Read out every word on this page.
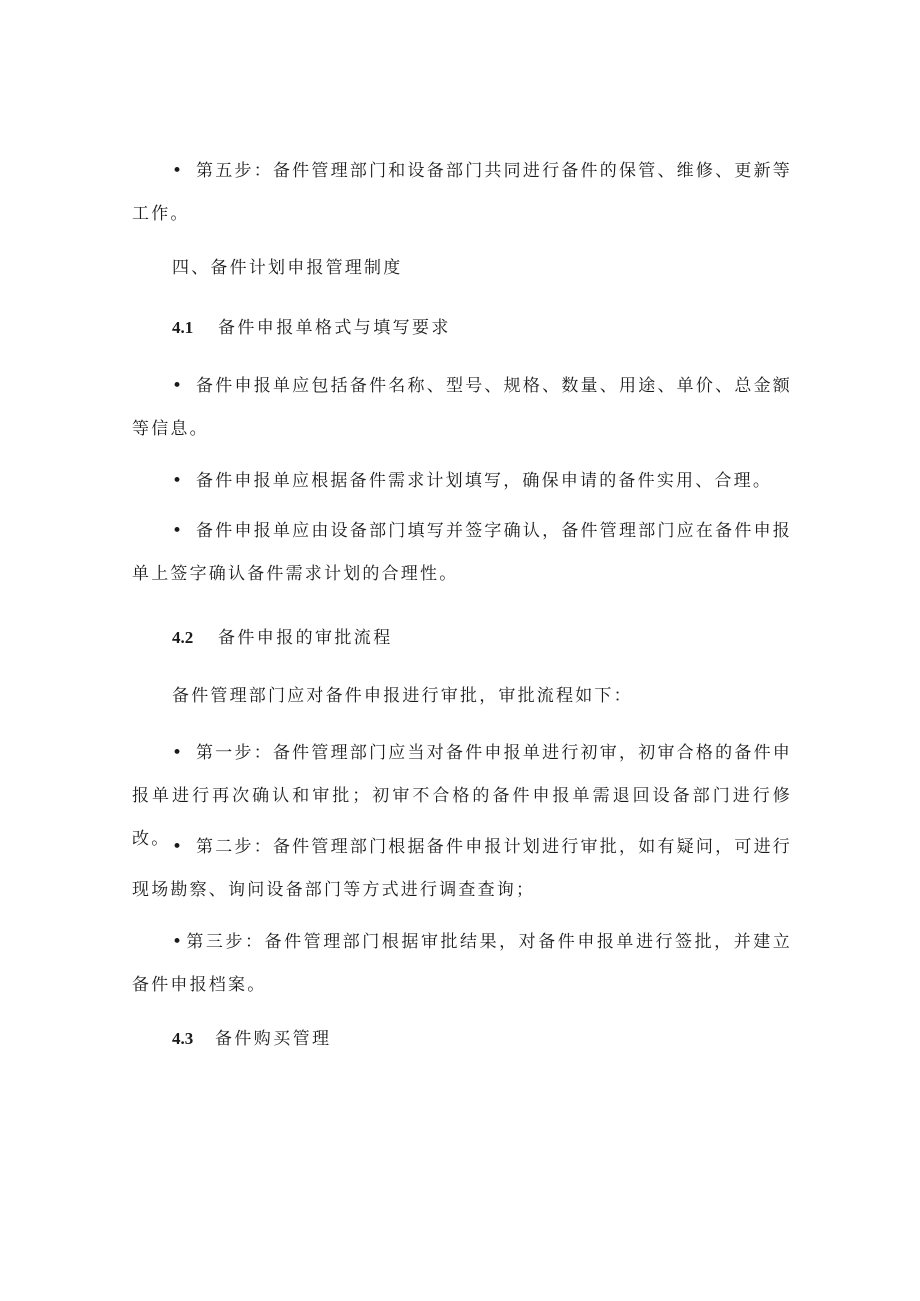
• 第五步：备件管理部门和设备部门共同进行备件的保管、维修、更新等工作。
四、备件计划申报管理制度
4.1 备件申报单格式与填写要求
• 备件申报单应包括备件名称、型号、规格、数量、用途、单价、总金额等信息。
• 备件申报单应根据备件需求计划填写，确保申请的备件实用、合理。
• 备件申报单应由设备部门填写并签字确认，备件管理部门应在备件申报单上签字确认备件需求计划的合理性。
4.2 备件申报的审批流程
备件管理部门应对备件申报进行审批，审批流程如下：
• 第一步：备件管理部门应当对备件申报单进行初审，初审合格的备件申报单进行再次确认和审批；初审不合格的备件申报单需退回设备部门进行修改。 • 第二步：备件管理部门根据备件申报计划进行审批，如有疑问，可进行现场勘察、询问设备部门等方式进行调查查询；
• 第三步：备件管理部门根据审批结果，对备件申报单进行签批，并建立备件申报档案。
4.3 备件购买管理
